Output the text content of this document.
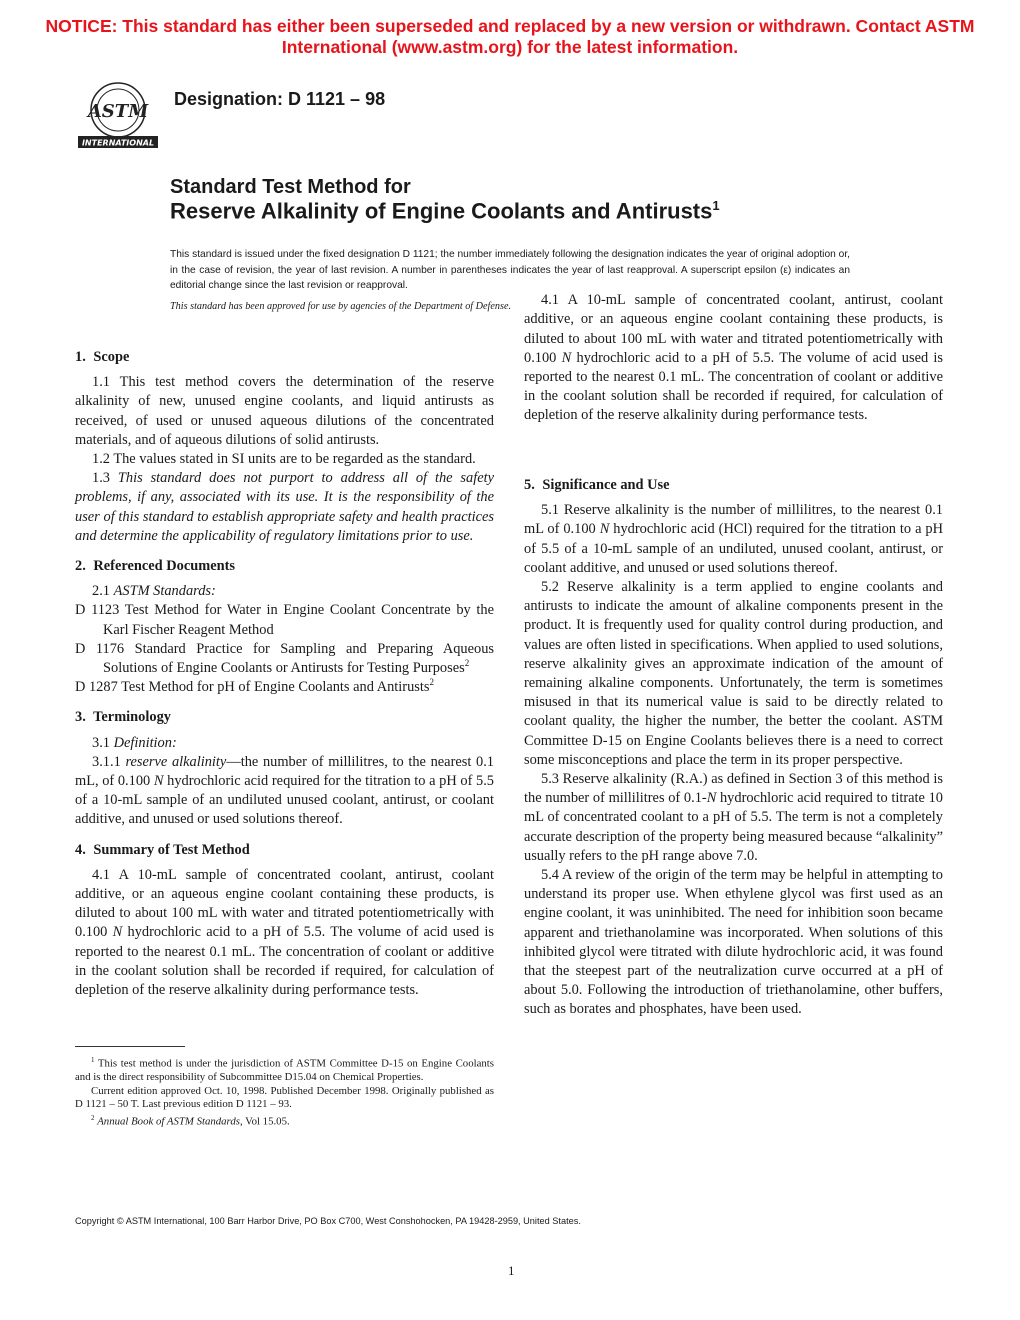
NOTICE: This standard has either been superseded and replaced by a new version or withdrawn. Contact ASTM International (www.astm.org) for the latest information.
ASTM
INTERNATIONAL
Designation: D 1121 – 98
Standard Test Method for
Reserve Alkalinity of Engine Coolants and Antirusts$^1$
This standard is issued under the fixed designation D 1121; the number immediately following the designation indicates the year of original adoption or, in the case of revision, the year of last revision. A number in parentheses indicates the year of last reapproval. A superscript epsilon (ε) indicates an editorial change since the last revision or reapproval.
This standard has been approved for use by agencies of the Department of Defense.
1. Scope

1.1 This test method covers the determination of the reserve alkalinity of new, unused engine coolants, and liquid antirusts as received, of used or unused aqueous dilutions of the concentrated materials, and of aqueous dilutions of solid antirusts.

1.2 The values stated in SI units are to be regarded as the standard.

1.3 This standard does not purport to address all of the safety problems, if any, associated with its use. It is the responsibility of the user of this standard to establish appropriate safety and health practices and determine the applicability of regulatory limitations prior to use.

2. Referenced Documents

2.1 ASTM Standards:

D 1123 Test Method for Water in Engine Coolant Concentrate by the Karl Fischer Reagent Method

D 1176 Standard Practice for Sampling and Preparing Aqueous Solutions of Engine Coolants or Antirusts for Testing Purposes$^2$

D 1287 Test Method for pH of Engine Coolants and Antirusts$^2$

3. Terminology

3.1 Definition:

3.1.1 reserve alkalinity—the number of millilitres, to the nearest 0.1 mL, of 0.100 N hydrochloric acid required for the titration to a pH of 5.5 of a 10-mL sample of an undiluted unused coolant, antirust, or coolant additive, and unused or used solutions thereof.

4. Summary of Test Method

4.1 A 10-mL sample of concentrated coolant, antirust, coolant additive, or an aqueous engine coolant containing these products, is diluted to about 100 mL with water and titrated potentiometrically with 0.100 N hydrochloric acid to a pH of 5.5. The volume of acid used is reported to the nearest 0.1 mL. The concentration of coolant or additive in the coolant solution shall be recorded if required, for calculation of depletion of the reserve alkalinity during performance tests.

5. Significance and Use

5.1 Reserve alkalinity is the number of millilitres, to the nearest 0.1 mL of 0.100 N hydrochloric acid (HCl) required for the titration to a pH of 5.5 of a 10-mL sample of an undiluted, unused coolant, antirust, or coolant additive, and unused or used solutions thereof.

5.2 Reserve alkalinity is a term applied to engine coolants and antirusts to indicate the amount of alkaline components present in the product. It is frequently used for quality control during production, and values are often listed in specifications. When applied to used solutions, reserve alkalinity gives an approximate indication of the amount of remaining alkaline components. Unfortunately, the term is sometimes misused in that its numerical value is said to be directly related to coolant quality, the higher the number, the better the coolant. ASTM Committee D-15 on Engine Coolants believes there is a need to correct some misconceptions and place the term in its proper perspective.

5.3 Reserve alkalinity (R.A.) as defined in Section 3 of this method is the number of millilitres of 0.1-N hydrochloric acid required to titrate 10 mL of concentrated coolant to a pH of 5.5. The term is not a completely accurate description of the property being measured because “alkalinity” usually refers to the pH range above 7.0.

5.4 A review of the origin of the term may be helpful in attempting to understand its proper use. When ethylene glycol was first used as an engine coolant, it was uninhibited. The need for inhibition soon became apparent and triethanolamine was incorporated. When solutions of this inhibited glycol were titrated with dilute hydrochloric acid, it was found that the steepest part of the neutralization curve occurred at a pH of about 5.0. Following the introduction of triethanolamine, other buffers, such as borates and phosphates, have been used.

4.1 A 10-mL sample of concentrated coolant, antirust, coolant additive, or an aqueous engine coolant containing these products, is diluted to about 100 mL with water and titrated potentiometrically with 0.100 N hydrochloric acid to a pH of 5.5. The volume of acid used is reported to the nearest 0.1 mL. The concentration of coolant or additive in the coolant solution shall be recorded if required, for calculation of depletion of the reserve alkalinity during performance tests.

$^1$ This test method is under the jurisdiction of ASTM Committee D-15 on Engine Coolants and is the direct responsibility of Subcommittee D15.04 on Chemical Properties.

Current edition approved Oct. 10, 1998. Published December 1998. Originally published as D 1121 – 50 T. Last previous edition D 1121 – 93.

$^2$ Annual Book of ASTM Standards, Vol 15.05.

Copyright © ASTM International, 100 Barr Harbor Drive, PO Box C700, West Conshohocken, PA 19428-2959, United States.
1
